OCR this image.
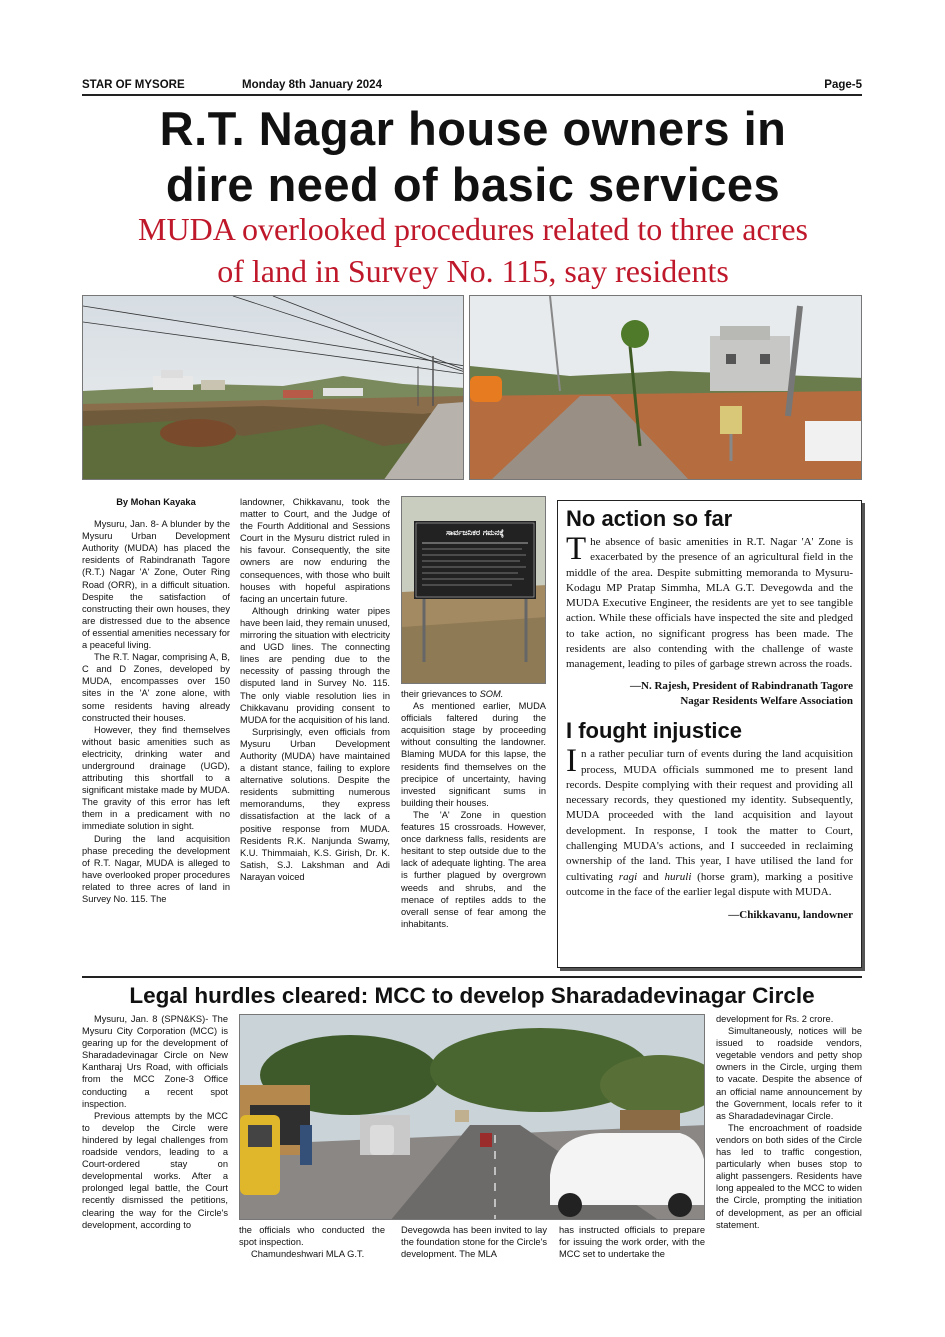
STAR OF MYSORE	Monday 8th January 2024	Page-5
R.T. Nagar house owners in
dire need of basic services
MUDA overlooked procedures related to three acres
of land in Survey No. 115, say residents
By Mohan Kayaka

Mysuru, Jan. 8- A blunder by the Mysuru Urban Development Authority (MUDA) has placed the residents of Rabindranath Tagore (R.T.) Nagar 'A' Zone, Outer Ring Road (ORR), in a difficult situation. Despite the satisfaction of constructing their own houses, they are distressed due to the absence of essential amenities necessary for a peaceful living.

The R.T. Nagar, comprising A, B, C and D Zones, developed by MUDA, encompasses over 150 sites in the 'A' zone alone, with some residents having already constructed their houses.

However, they find themselves without basic amenities such as electricity, drinking water and underground drainage (UGD), attributing this shortfall to a significant mistake made by MUDA. The gravity of this error has left them in a predicament with no immediate solution in sight.

During the land acquisition phase preceding the development of R.T. Nagar, MUDA is alleged to have overlooked proper procedures related to three acres of land in Survey No. 115. The

landowner, Chikkavanu, took the matter to Court, and the Judge of the Fourth Additional and Sessions Court in the Mysuru district ruled in his favour. Consequently, the site owners are now enduring the consequences, with those who built houses with hopeful aspirations facing an uncertain future.

Although drinking water pipes have been laid, they remain unused, mirroring the situation with electricity and UGD lines. The connecting lines are pending due to the necessity of passing through the disputed land in Survey No. 115. The only viable resolution lies in Chikkavanu providing consent to MUDA for the acquisition of his land.

Surprisingly, even officials from Mysuru Urban Development Authority (MUDA) have maintained a distant stance, failing to explore alternative solutions. Despite the residents submitting numerous memorandums, they express dissatisfaction at the lack of a positive response from MUDA. Residents R.K. Nanjunda Swamy, K.U. Thimmaiah, K.S. Girish, Dr. K. Satish, S.J. Lakshman and Adi Narayan voiced

ಸಾರ್ವಜನಿಕರ ಗಮನಕ್ಕೆ

their grievances to SOM.

As mentioned earlier, MUDA officials faltered during the acquisition stage by proceeding without consulting the landowner. Blaming MUDA for this lapse, the residents find themselves on the precipice of uncertainty, having invested significant sums in building their houses.

The 'A' Zone in question features 15 crossroads. However, once darkness falls, residents are hesitant to step outside due to the lack of adequate lighting. The area is further plagued by overgrown weeds and shrubs, and the menace of reptiles adds to the overall sense of fear among the inhabitants.

No action so far
The absence of basic amenities in R.T. Nagar 'A' Zone is exacerbated by the presence of an agricultural field in the middle of the area. Despite submitting memoranda to Mysuru-Kodagu MP Pratap Simmha, MLA G.T. Devegowda and the MUDA Executive Engineer, the residents are yet to see tangible action. While these officials have inspected the site and pledged to take action, no significant progress has been made. The residents are also contending with the challenge of waste management, leading to piles of garbage strewn across the roads.
—N. Rajesh, President of Rabindranath Tagore
Nagar Residents Welfare Association
I fought injustice
In a rather peculiar turn of events during the land acquisition process, MUDA officials summoned me to present land records. Despite complying with their request and providing all necessary records, they questioned my identity. Subsequently, MUDA proceeded with the land acquisition and layout development. In response, I took the matter to Court, challenging MUDA's actions, and I succeeded in reclaiming ownership of the land. This year, I have utilised the land for cultivating ragi and huruli (horse gram), marking a positive outcome in the face of the earlier legal dispute with MUDA.
—Chikkavanu, landowner
Legal hurdles cleared: MCC to develop Sharadadevinagar Circle

Mysuru, Jan. 8 (SPN&KS)- The Mysuru City Corporation (MCC) is gearing up for the development of Sharadadevinagar Circle on New Kantharaj Urs Road, with officials from the MCC Zone-3 Office conducting a recent spot inspection.

Previous attempts by the MCC to develop the Circle were hindered by legal challenges from roadside vendors, leading to a Court-ordered stay on developmental works. After a prolonged legal battle, the Court recently dismissed the petitions, clearing the way for the Circle's development, according to

the officials who conducted the spot inspection.

Chamundeshwari MLA G.T.

Devegowda has been invited to lay the foundation stone for the Circle's development. The MLA

has instructed officials to prepare for issuing the work order, with the MCC set to undertake the

development for Rs. 2 crore.

Simultaneously, notices will be issued to roadside vendors, vegetable vendors and petty shop owners in the Circle, urging them to vacate. Despite the absence of an official name announcement by the Government, locals refer to it as Sharadadevinagar Circle.

The encroachment of roadside vendors on both sides of the Circle has led to traffic congestion, particularly when buses stop to alight passengers. Residents have long appealed to the MCC to widen the Circle, prompting the initiation of development, as per an official statement.
